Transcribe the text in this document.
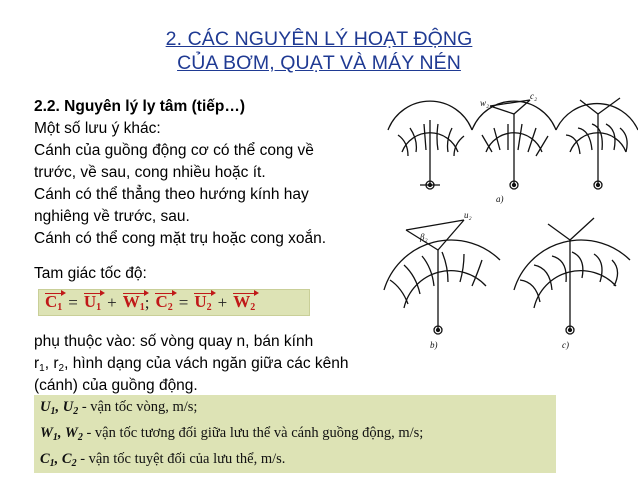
2. CÁC NGUYÊN LÝ HOẠT ĐỘNG
CỦA BƠM, QUẠT VÀ MÁY NÉN
2.2. Nguyên lý ly tâm (tiếp…)
Một số lưu ý khác:
Cánh của guồng động cơ có thể cong về
trước, về sau, cong nhiều hoặc ít.
Cánh có thể thẳng theo hướng kính hay
nghiêng về trước, sau.
Cánh có thể cong mặt trụ hoặc cong xoắn.
Tam giác tốc độ:
$C_1 = U_1 + W_1$ ; $C_2 = U_2 + W_2$
phụ thuộc vào: số vòng quay n, bán kính
$r_1$, $r_2$, hình dạng của vách ngăn giữa các kênh
(cánh) của guồng động.
$U_1$, $U_2$ - vận tốc vòng, m/s;
$W_1$, $W_2$ - vận tốc tương đối giữa lưu thể và cánh guồng động, m/s;
$C_1$, $C_2$ - vận tốc tuyệt đối của lưu thể, m/s.
a)
b)	c)
c₂
w₂
u₂
β₂
